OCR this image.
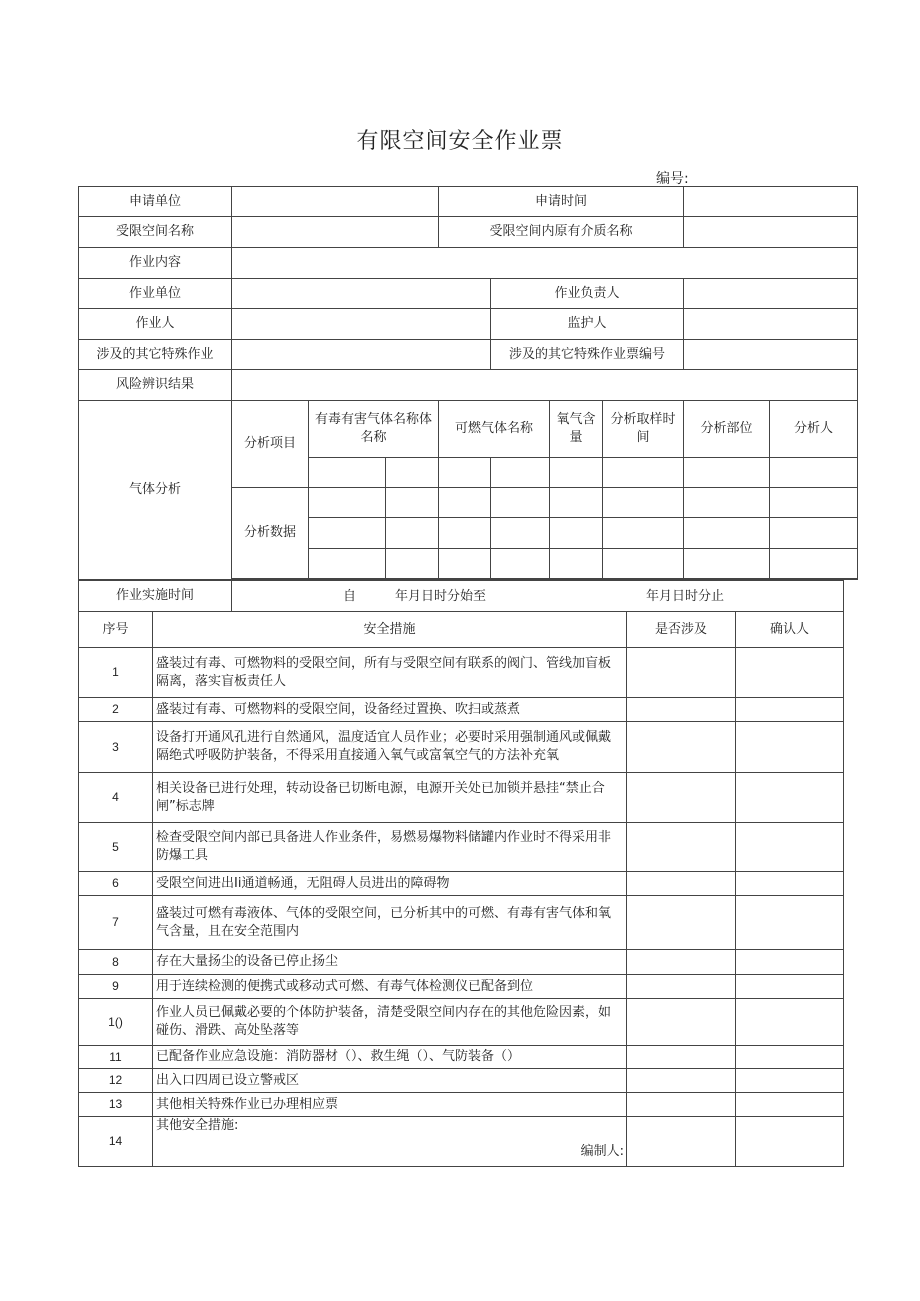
有限空间安全作业票
编号:
申请单位				申请时间					
受限空间名称				受限空间内原有介质名称					
作业内容									
作业单位					作业负责人				
作业人					监护人				
涉及的其它特殊作业					涉及的其它特殊作业票编号				
风险辨识结果									
气体分析	分析项目	有毒有害气体名称体名称		可燃气体名称		氧气含量	分析取样时间	分析部位	分析人

	分析数据								

作业实施时间		自 年月日时分始至 年月日时分止		

序号	安全措施		是否涉及	确认人
1	盛装过有毒、可燃物料的受限空间，所有与受限空间有联系的阀门、管线加盲板隔离，落实盲板责任人			
2	盛装过有毒、可燃物料的受限空间，设备经过置换、吹扫或蒸煮			
3	设备打开通风孔进行自然通风，温度适宜人员作业；必要时采用强制通风或佩戴隔绝式呼吸防护装备，不得采用直接通入氧气或富氧空气的方法补充氧			
4	相关设备已进行处理，转动设备已切断电源，电源开关处已加锁并悬挂“禁止合闸”标志牌			
5	检查受限空间内部已具备进人作业条件，易燃易爆物料储罐内作业时不得采用非防爆工具			
6	受限空间进出Ii通道畅通，无阻碍人员进出的障碍物			
7	盛装过可燃有毒液体、气体的受限空间，已分析其中的可燃、有毒有害气体和氧气含量，且在安全范围内			
8	存在大量扬尘的设备已停止扬尘			
9	用于连续检测的便携式或移动式可燃、有毒气体检测仪已配备到位			
1()	作业人员已佩戴必要的个体防护装备，清楚受限空间内存在的其他危险因素，如碰伤、滑跌、高处坠落等			
11	已配备作业应急设施：消防器材（）、救生绳（）、气防装备（）			
12	出入口四周已设立警戒区			
13	其他相关特殊作业已办理相应票			
14	其他安全措施:
编制人:			
